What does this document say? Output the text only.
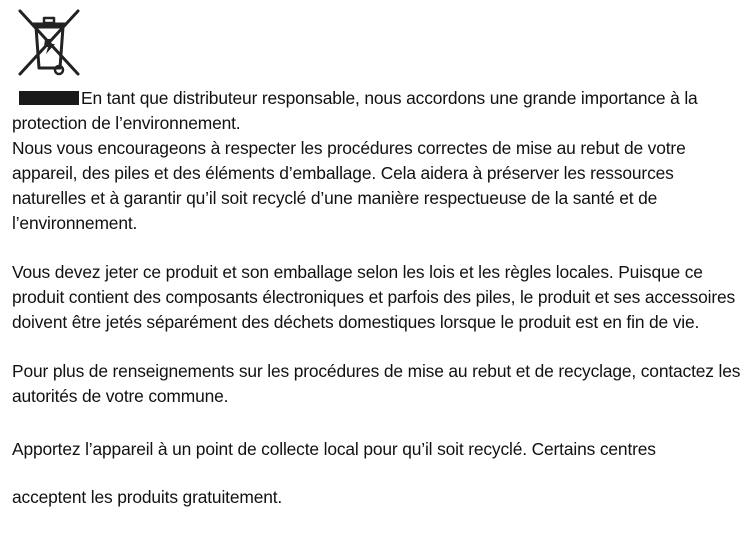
En tant que distributeur responsable, nous accordons une grande importance à la protection de l’environnement.

Nous vous encourageons à respecter les procédures correctes de mise au rebut de votre appareil, des piles et des éléments d’emballage. Cela aidera à préserver les ressources naturelles et à garantir qu’il soit recyclé d’une manière respectueuse de la santé et de l’environnement.

Vous devez jeter ce produit et son emballage selon les lois et les règles locales. Puisque ce produit contient des composants électroniques et parfois des piles, le produit et ses accessoires doivent être jetés séparément des déchets domestiques lorsque le produit est en fin de vie.

Pour plus de renseignements sur les procédures de mise au rebut et de recyclage, contactez les autorités de votre commune.

Apportez l’appareil à un point de collecte local pour qu’il soit recyclé. Certains centres

acceptent les produits gratuitement.
